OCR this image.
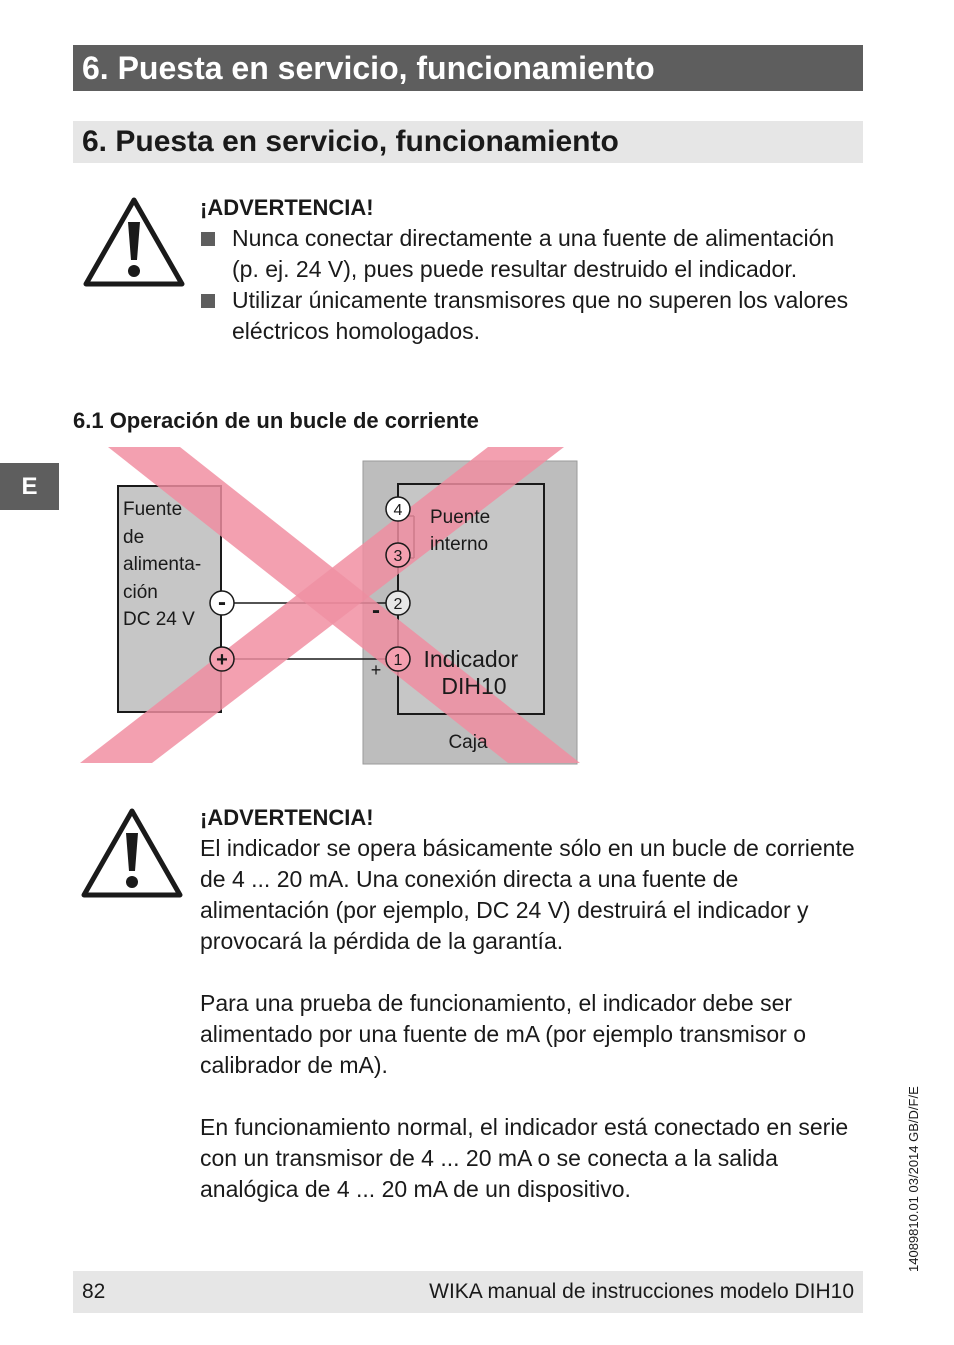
6. Puesta en servicio, funcionamiento
6. Puesta en servicio, funcionamiento
¡ADVERTENCIA!
Nunca conectar directamente a una fuente de alimentación (p. ej. 24 V), pues puede resultar destruido el indicador.
Utilizar únicamente transmisores que no superen los valores eléctricos homologados.
6.1 Operación de un bucle de corriente
E
4
3
2
1
-
+
-
+
Fuente de alimenta- ción DC 24 V
Puente interno
Indicador DIH10
Caja
¡ADVERTENCIA!
El indicador se opera básicamente sólo en un bucle de corriente de 4 ... 20 mA. Una conexión directa a una fuente de alimentación (por ejemplo, DC 24 V) destruirá el indicador y provocará la pérdida de la garantía.
Para una prueba de funcionamiento, el indicador debe ser alimentado por una fuente de mA (por ejemplo transmisor o calibrador de mA).
En funcionamiento normal, el indicador está conectado en serie con un transmisor de 4 ... 20 mA o se conecta a la salida analógica de 4 ... 20 mA de un dispositivo.
82	WIKA manual de instrucciones modelo DIH10
14089810.01 03/2014 GB/D/F/E
